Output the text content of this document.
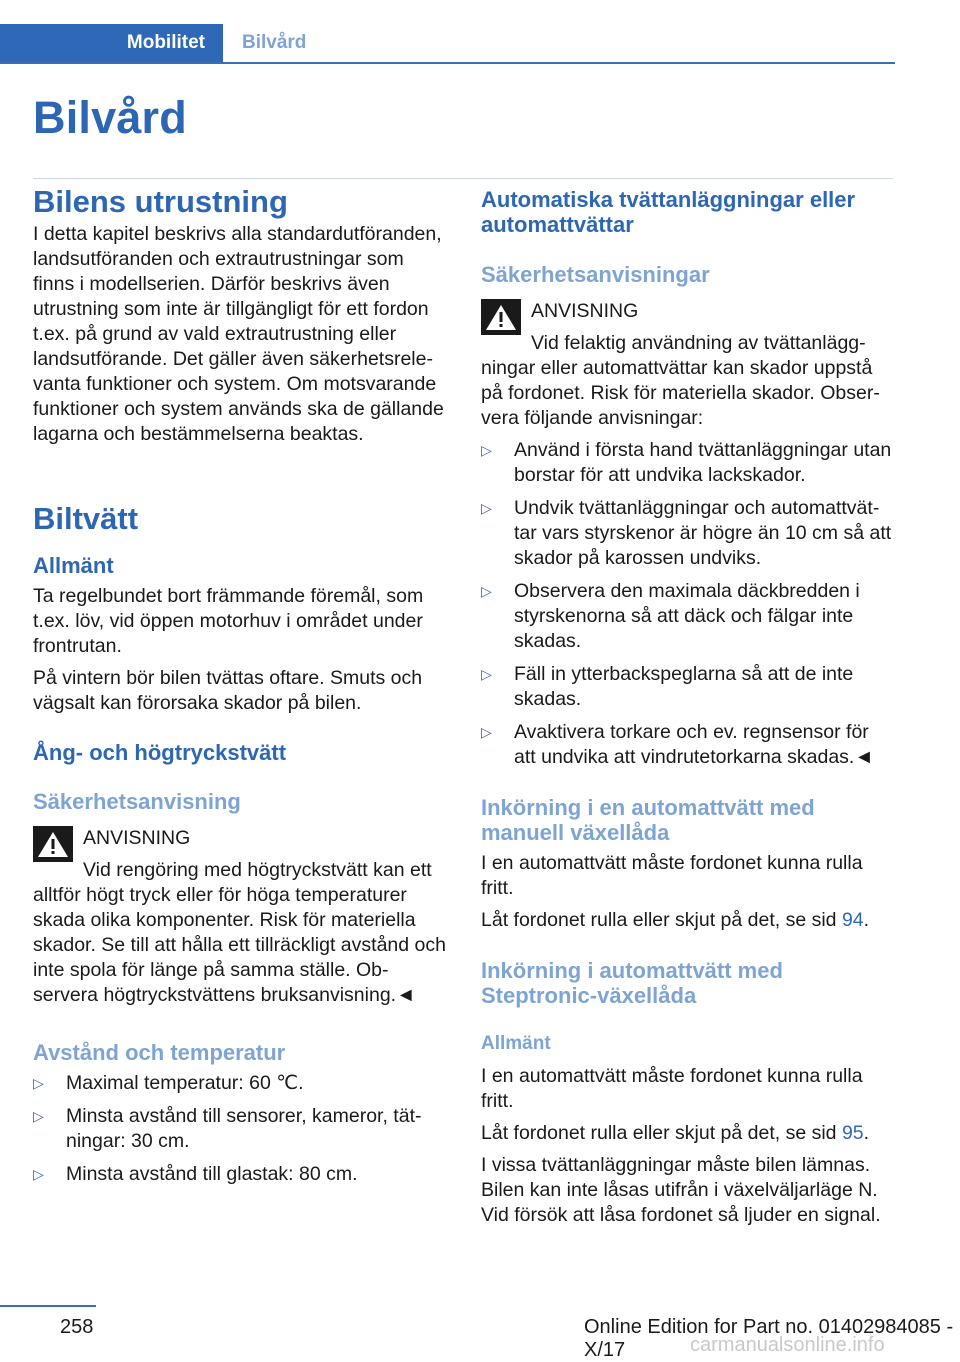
Mobilitet	Bilvård
Bilvård
Bilens utrustning

I detta kapitel beskrivs alla standardutföranden, landsutföranden och extrautrustningar som finns i modellserien. Därför beskrivs även utrustning som inte är tillgängligt för ett fordon t.ex. på grund av vald extrautrustning eller landsutförande. Det gäller även säkerhetsrelevanta funktioner och system. Om motsvarande funktioner och system används ska de gällande lagarna och bestämmelserna beaktas.

Biltvätt
Allmänt

Ta regelbundet bort främmande föremål, som t.ex. löv, vid öppen motorhuv i området under frontrutan.

På vintern bör bilen tvättas oftare. Smuts och vägsalt kan förorsaka skador på bilen.

Ång- och högtryckstvätt
Säkerhetsanvisning

ANVISNING

Vid rengöring med högtryckstvätt kan ett alltför högt tryck eller för höga temperaturer skada olika komponenter. Risk för materiella skador. Se till att hålla ett tillräckligt avstånd och inte spola för länge på samma ställe. Observera högtryckstvättens bruksanvisning.◄

Avstånd och temperatur
▷ Maximal temperatur: 60 ℃.
▷ Minsta avstånd till sensorer, kameror, tätningar: 30 cm.
▷ Minsta avstånd till glastak: 80 cm.
Automatiska tvättanläggningar eller automattvättar
Säkerhetsanvisningar

ANVISNING

Vid felaktig användning av tvättanläggningar eller automattvättar kan skador uppstå på fordonet. Risk för materiella skador. Observera följande anvisningar:

▷ Använd i första hand tvättanläggningar utan borstar för att undvika lackskador.
▷ Undvik tvättanläggningar och automattvättar vars styrskenor är högre än 10 cm så att skador på karossen undviks.
▷ Observera den maximala däckbredden i styrskenorna så att däck och fälgar inte skadas.
▷ Fäll in ytterbackspeglarna så att de inte skadas.
▷ Avaktivera torkare och ev. regnsensor för att undvika att vindrutetorkarna skadas.◄
Inkörning i en automattvätt med manuell växellåda

I en automattvätt måste fordonet kunna rulla fritt.

Låt fordonet rulla eller skjut på det, se sid 94.

Inkörning i automattvätt med Steptronic-växellåda
Allmänt

I en automattvätt måste fordonet kunna rulla fritt.

Låt fordonet rulla eller skjut på det, se sid 95.

I vissa tvättanläggningar måste bilen lämnas. Bilen kan inte låsas utifrån i växelväljarläge N. Vid försök att låsa fordonet så ljuder en signal.

258	Online Edition for Part no. 01402984085 - X/17	carmanualsonline.info
